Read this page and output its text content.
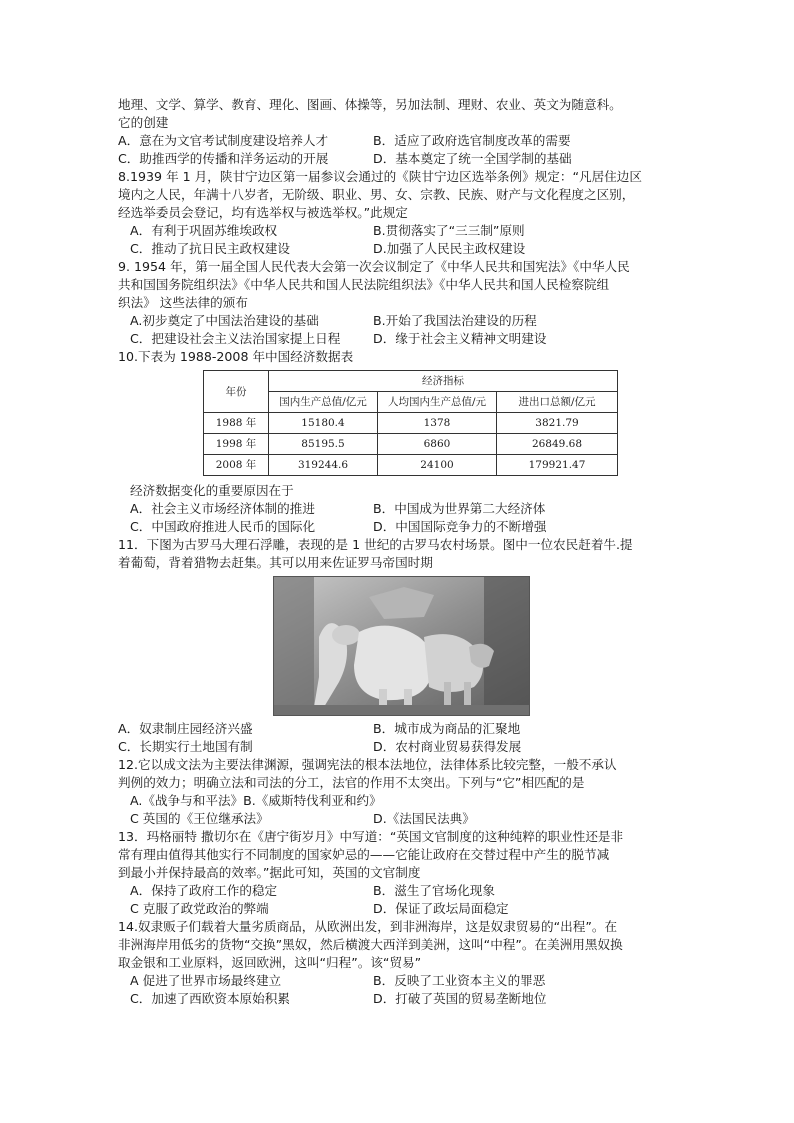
地理、文学、算学、教育、理化、图画、体操等，另加法制、理财、农业、英文为随意科。
它的创建
A．意在为文官考试制度建设培养人才	B．适应了政府选官制度改革的需要
C．助推西学的传播和洋务运动的开展	D．基本奠定了统一全国学制的基础
8.1939 年 1 月，陕甘宁边区第一届参议会通过的《陕甘宁边区选举条例》规定：“凡居住边区
境内之人民，年满十八岁者，无阶级、职业、男、女、宗教、民族、财产与文化程度之区别，
经选举委员会登记，均有选举权与被选举权。”此规定
A．有利于巩固苏维埃政权	B.贯彻落实了“三三制”原则
C．推动了抗日民主政权建设	D.加强了人民民主政权建设
9. 1954 年，第一届全国人民代表大会第一次会议制定了《中华人民共和国宪法》《中华人民
共和国国务院组织法》《中华人民共和国人民法院组织法》《中华人民共和国人民检察院组
织法》 这些法律的颁布
A.初步奠定了中国法治建设的基础	B.开始了我国法治建设的历程
C．把建设社会主义法治国家提上日程	D．缘于社会主义精神文明建设
10.下表为 1988-2008 年中国经济数据表
年份	经济指标		
	国内生产总值/亿元	人均国内生产总值/元	进出口总额/亿元
1988 年	15180.4	1378	3821.79
1998 年	85195.5	6860	26849.68
2008 年	319244.6	24100	179921.47
经济数据变化的重要原因在于
A．社会主义市场经济体制的推进	B．中国成为世界第二大经济体
C．中国政府推进人民币的国际化	D．中国国际竞争力的不断增强
11．下图为古罗马大理石浮雕，表现的是 1 世纪的古罗马农村场景。图中一位农民赶着牛.提
着葡萄，背着猎物去赶集。其可以用来佐证罗马帝国时期
A．奴隶制庄园经济兴盛	B．城市成为商品的汇聚地
C．长期实行土地国有制	D．农村商业贸易获得发展
12.它以成文法为主要法律渊源，强调宪法的根本法地位，法律体系比较完整，一般不承认
判例的效力；明确立法和司法的分工，法官的作用不太突出。下列与“它”相匹配的是
A.《战争与和平法》B.《威斯特伐利亚和约》
C 英国的《王位继承法》	D.《法国民法典》
13．玛格丽特 撒切尔在《唐宁街岁月》中写道：“英国文官制度的这种纯粹的职业性还是非
常有理由值得其他实行不同制度的国家妒忌的——它能让政府在交替过程中产生的脱节减
到最小并保持最高的效率。”据此可知，英国的文官制度
A．保持了政府工作的稳定	B．滋生了官场化现象
C 克服了政党政治的弊端	D．保证了政坛局面稳定
14.奴隶贩子们载着大量劣质商品，从欧洲出发，到非洲海岸，这是奴隶贸易的“出程”。在
非洲海岸用低劣的货物“交换”黑奴，然后横渡大西洋到美洲，这叫“中程”。在美洲用黑奴换
取金银和工业原料，返回欧洲，这叫“归程”。该“贸易”
A 促进了世界市场最终建立	B．反映了工业资本主义的罪恶
C．加速了西欧资本原始积累	D．打破了英国的贸易垄断地位
